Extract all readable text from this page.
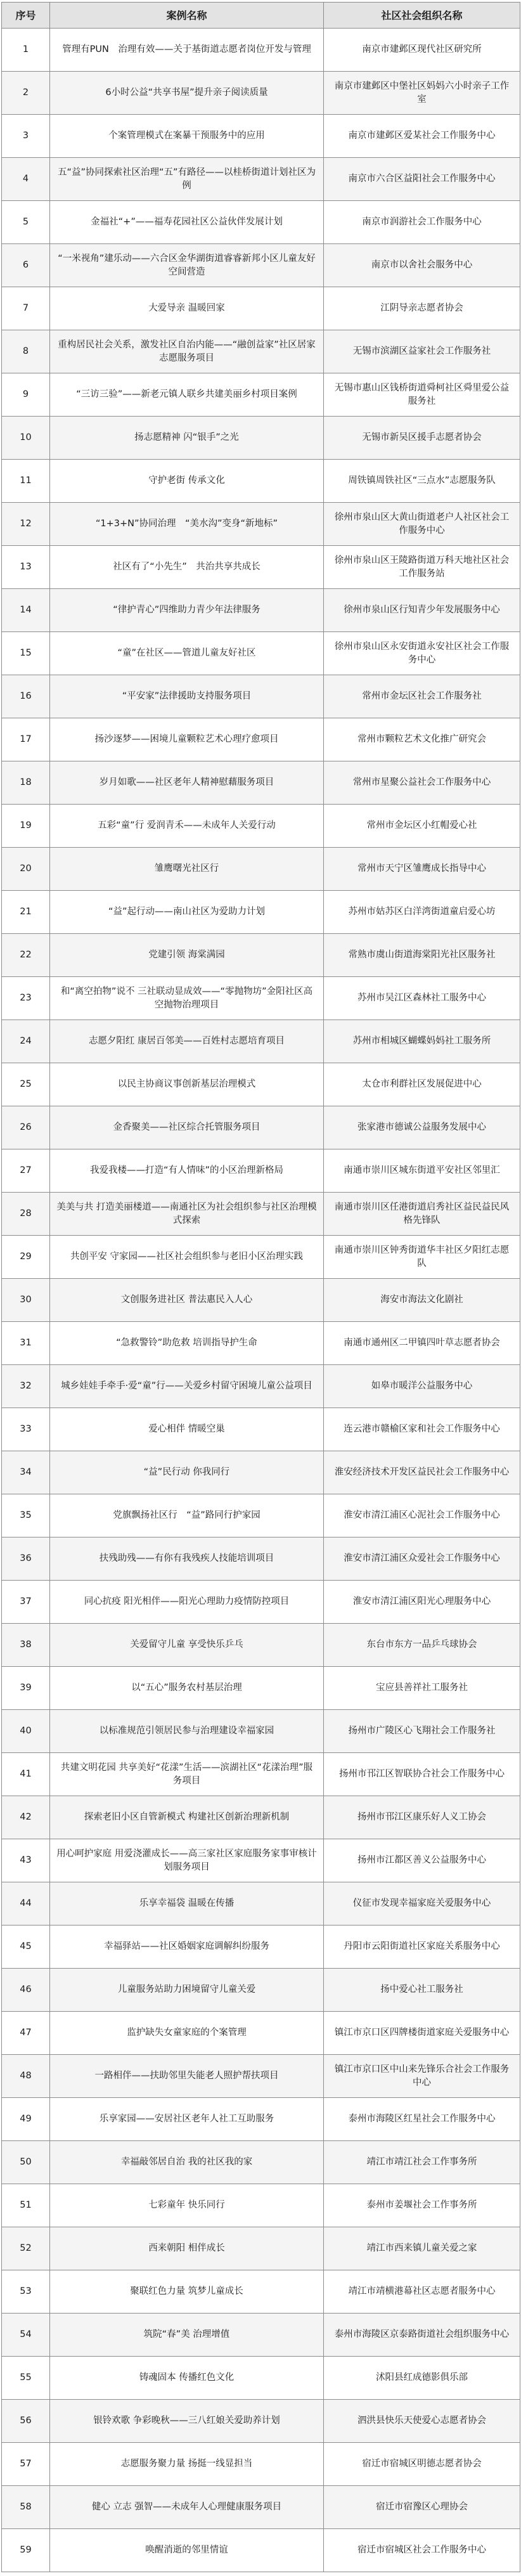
序号	案例名称	社区社会组织名称
1	管理有PUN　治理有效——关于基街道志愿者岗位开发与管理	南京市建邺区现代社区研究所
2	6小时公益“共享书屋”提升亲子阅读质量	南京市建邺区中堡社区妈妈六小时亲子工作室
3	个案管理模式在案暴干预服务中的应用	南京市建邺区爱某社会工作服务中心
4	五“益”协同探索社区治理“五”有路径——以桂桥街道计划社区为例	南京市六合区益阳社会工作服务中心
5	金福社“+”——福寿花园社区公益伙伴发展计划	南京市润游社会工作服务中心
6	“一米视角”建乐动——六合区金华湖街道睿睿新邦小区儿童友好空间营造	南京市以舍社会服务中心
7	大爱导亲 温暖回家	江阴导亲志愿者协会
8	重构居民社会关系，激发社区自治内能——“融创益家”社区居家志愿服务项目	无锡市滨湖区益家社会工作服务社
9	“三访三验”——新老元镇人联乡共建美丽乡村项目案例	无锡市惠山区钱桥街道舜柯社区舜里爱公益服务社
10	扬志愿精神 闪“银手”之光	无锡市新吴区援手志愿者协会
11	守护老街 传承文化	周铁镇周铁社区“三点水”志愿服务队
12	“1+3+N”协同治理　“美水沟”变身“新地标”	徐州市泉山区大黄山街道老户人社区社会工作服务中心
13	社区有了“小先生”　共治共享共成长	徐州市泉山区王陵路街道万科天地社区社会工作服务站
14	“律护青心”四维助力青少年法律服务	徐州市泉山区行知青少年发展服务中心
15	“童”在社区——管道儿童友好社区	徐州市泉山区永安街道永安社区社会工作服务中心
16	“平安家”法律援助支持服务项目	常州市金坛区社会工作服务社
17	扬沙逐梦——困境儿童颗粒艺术心理疗愈项目	常州市颗粒艺术文化推广研究会
18	岁月如歌——社区老年人精神慰藉服务项目	常州市星聚公益社会工作服务中心
19	五彩“童”行 爱润青禾——未成年人关爱行动	常州市金坛区小红帽爱心社
20	雏鹰曙光社区行	常州市天宁区雏鹰成长指导中心
21	“益”起行动——南山社区为爱助力计划	苏州市姑苏区白洋湾街道童启爱心坊
22	党建引领 海棠满园	常熟市虞山街道海棠阳光社区服务社
23	和“离空拍物”说不 三社联动显成效——“零抛物坊”金阳社区高空抛物治理项目	苏州市吴江区森林社工服务中心
24	志愿夕阳红 康居百邻美——百姓村志愿培育项目	苏州市相城区蝴蝶妈妈社工服务所
25	以民主协商议事创新基层治理模式	太仓市利群社区发展促进中心
26	金香聚美——社区综合托管服务项目	张家港市德诚公益服务发展中心
27	我爱我楼——打造“有人情味”的小区治理新格局	南通市崇川区城东街道平安社区邻里汇
28	美美与共 打造美丽楼道——南通社区为社会组织参与社区治理模式探索	南通市崇川区任港街道启秀社区益民益民风格先锋队
29	共创平安 守家园——社区社会组织参与老旧小区治理实践	南通市崇川区钟秀街道华丰社区夕阳红志愿队
30	文创服务进社区 普法惠民入人心	海安市海法文化剧社
31	“急救警铃”助危救 培训指导护生命	南通市通州区二甲镇四叶草志愿者协会
32	城乡娃娃手牵手·爱“童”行——关爱乡村留守困境儿童公益项目	如皋市暖洋公益服务中心
33	爱心相伴 情暖空巢	连云港市赣榆区家和社会工作服务中心
34	“益”民行动 你我同行	淮安经济技术开发区益民社会工作服务中心
35	党旗飘扬社区行　“益”路同行护家园	淮安市清江浦区心泥社会工作服务中心
36	扶残助残——有你有我残疾人技能培训项目	淮安市清江浦区众爱社会工作服务中心
37	同心抗疫 阳光相伴——阳光心理助力疫情防控项目	淮安市清江浦区阳光心理服务中心
38	关爱留守儿童 享受快乐乒乓	东台市东方一品乒乓球协会
39	以“五心”服务农村基层治理	宝应县善祥社工服务社
40	以标准规范引领居民参与治理建设幸福家园	扬州市广陵区心飞翔社会工作服务社
41	共建文明花园 共享美好“花漾”生活——滨湖社区“花漾治理”服务项目	扬州市邗江区智联协合社会工作服务中心
42	探索老旧小区自管新模式 构建社区创新治理新机制	扬州市邗江区康乐好人义工协会
43	用心呵护家庭 用爱浇灌成长——高三家社区家庭服务家事审核计划服务项目	扬州市江都区善义公益服务中心
44	乐享幸福袋 温暖在传播	仪征市发现幸福家庭关爱服务中心
45	幸福驿站——社区婚姻家庭调解纠纷服务	丹阳市云阳街道社区家庭关系服务中心
46	儿童服务站助力困境留守儿童关爱	扬中爱心社工服务社
47	监护缺失女童家庭的个案管理	镇江市京口区四牌楼街道家庭关爱服务中心
48	一路相伴——扶助邻里失能老人照护帮扶项目	镇江市京口区中山来先锋乐合社会工作服务中心
49	乐享家园——安居社区老年人社工互助服务	泰州市海陵区红星社会工作服务中心
50	幸福敲邻居自治 我的社区我的家	靖江市靖江社会工作事务所
51	七彩童年 快乐同行	泰州市姜堰社会工作事务所
52	西来朝阳 相伴成长	靖江市西来镇儿童关爱之家
53	聚联红色力量 筑梦儿童成长	靖江市靖横港幕社区志愿者服务中心
54	筑院“春”美 治理增值	泰州市海陵区京泰路街道社会组织服务中心
55	铸魂固本 传播红色文化	沭阳县红成德影俱乐部
56	银铃欢歌 争彩晚秋——三八红娘关爱助养计划	泗洪县快乐天使爱心志愿者协会
57	志愿服务聚力量 扬挺一线显担当	宿迁市宿城区明德志愿者协会
58	健心 立志 强智——未成年人心理健康服务项目	宿迁市宿豫区心理协会
59	唤醒消逝的邻里情谊	宿迁市宿城区社会工作服务中心
